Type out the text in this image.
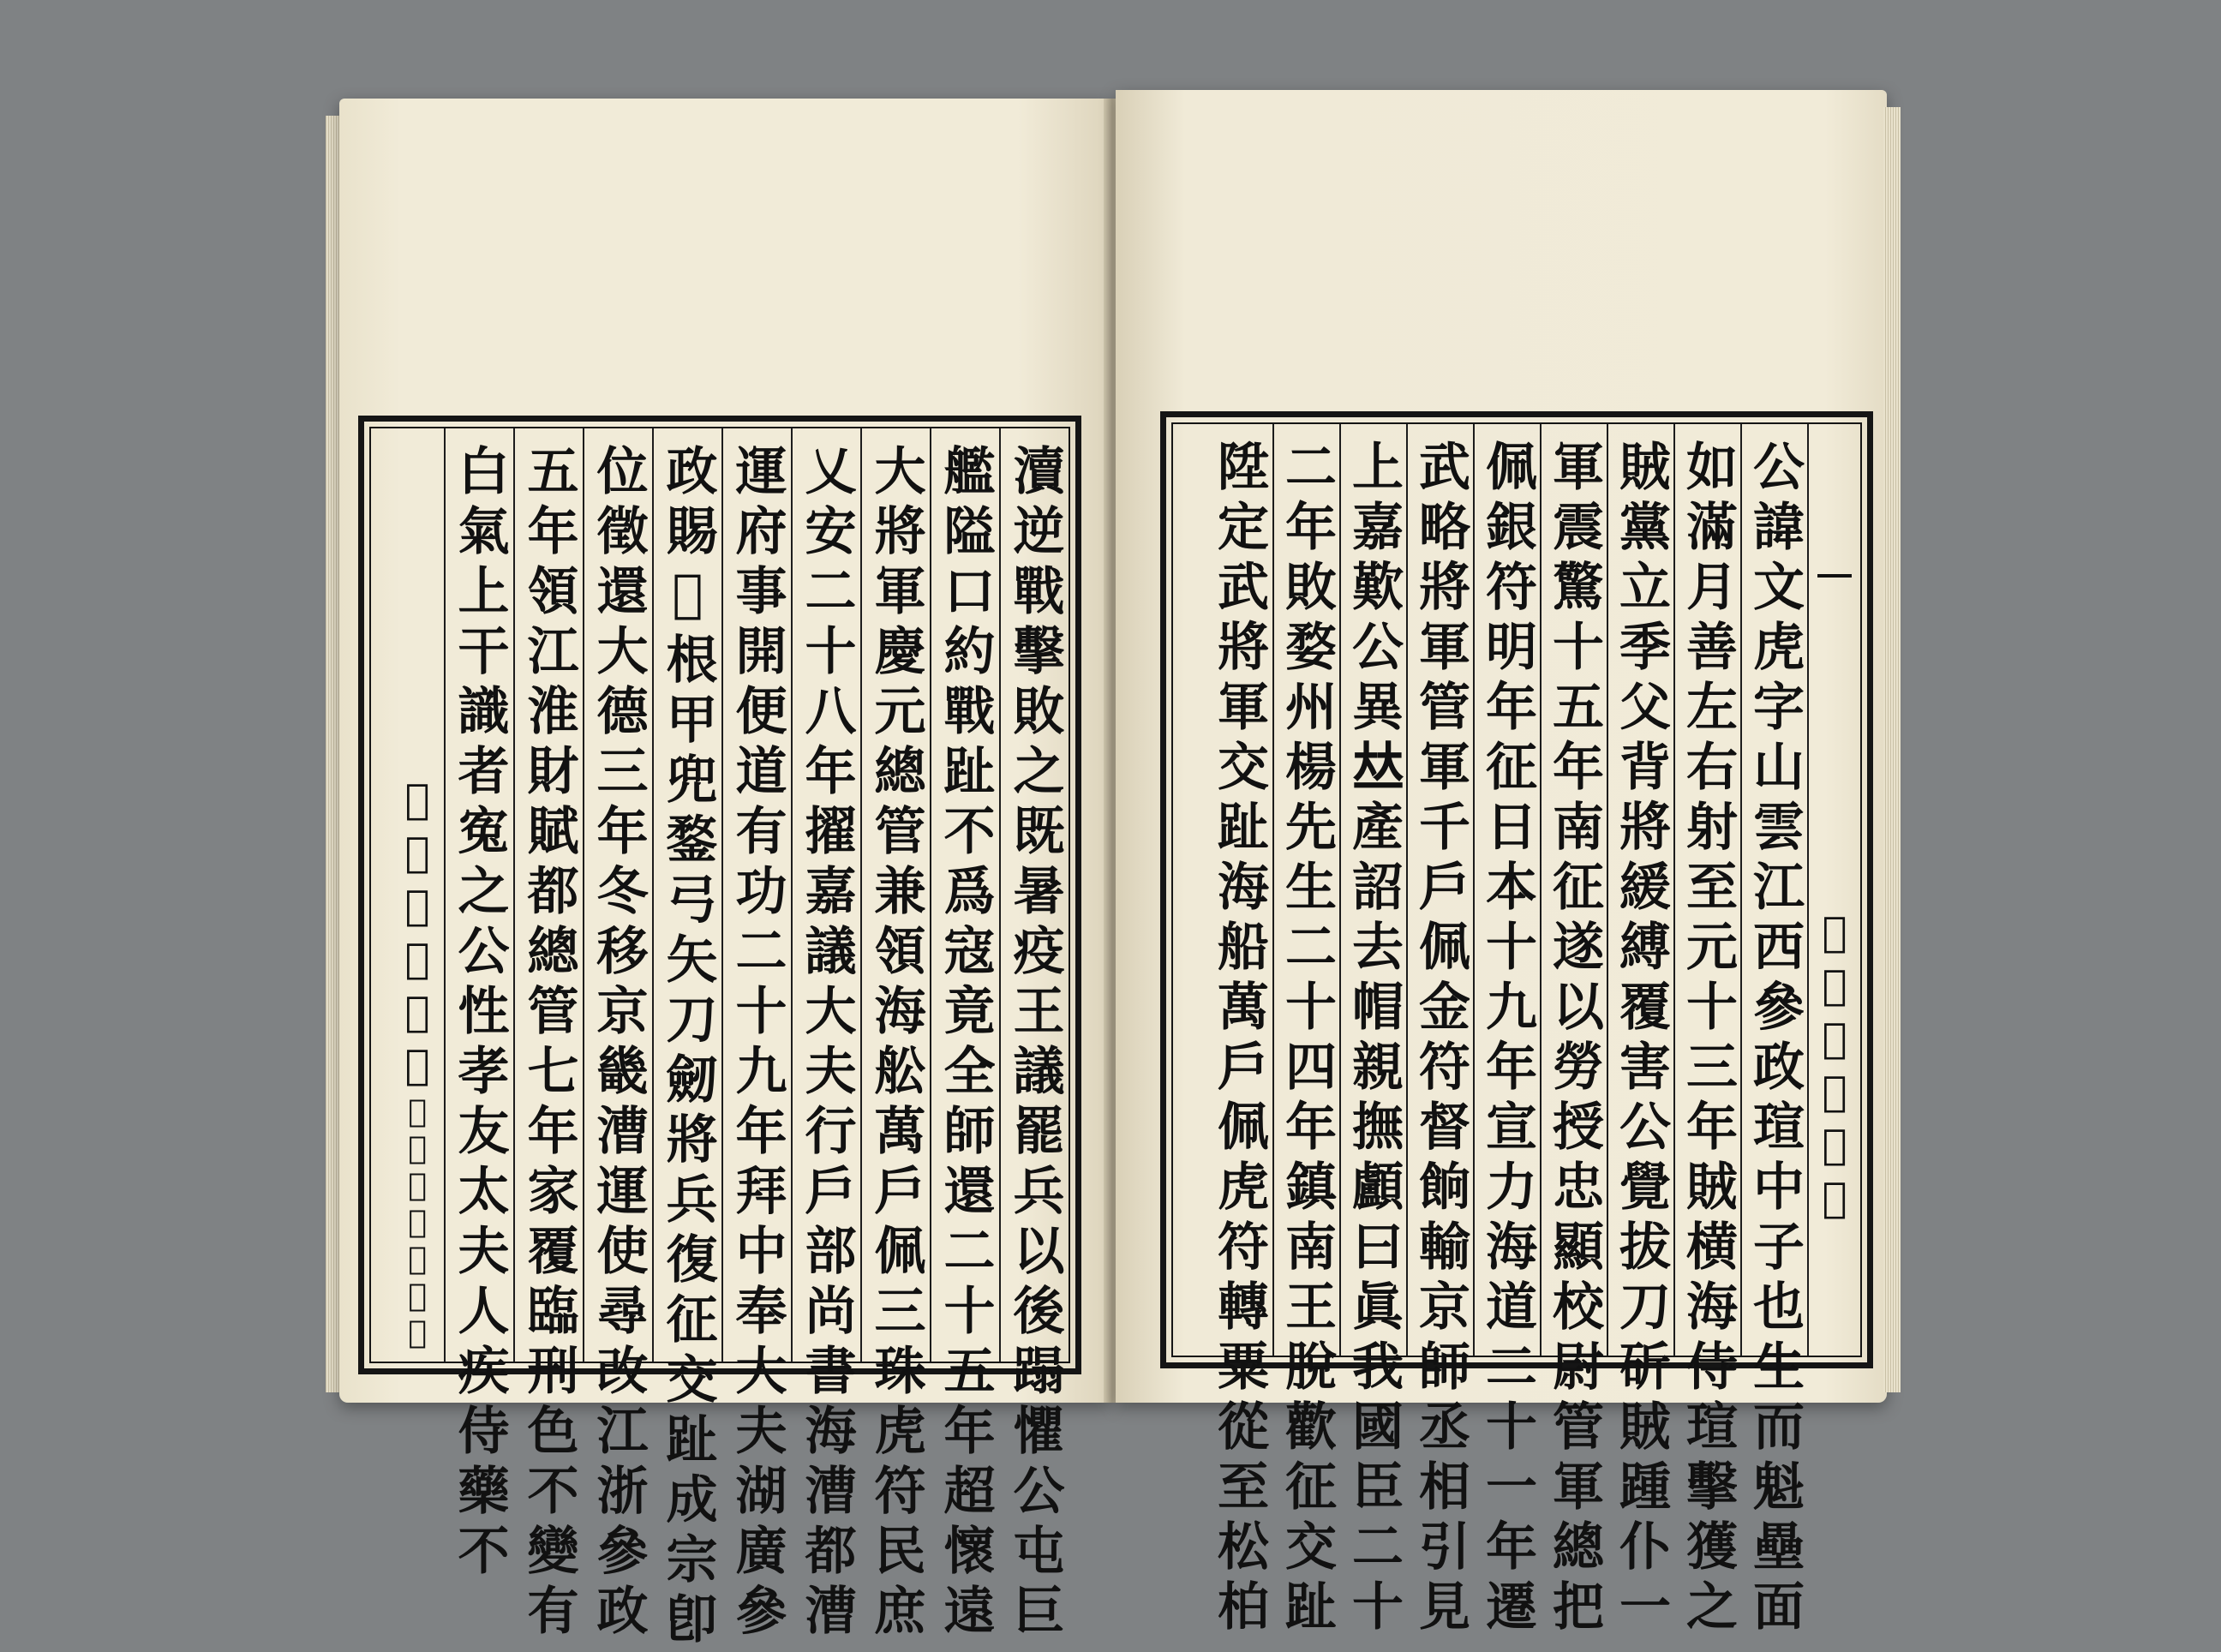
瀆逆戰擊敗之既暑疫王議罷兵以後蹋懼公屯巨
艦隘口約戰趾不爲寇竟全師還二十五年超懷遠
大將軍慶元總管兼領海舩萬戶佩三珠虎符民庶
乂安二十八年擢嘉議大夫行戶部尚書海漕都漕
運府事開便道有功二十九年拜中奉大夫湖廣參
政賜𢇄根甲兜鍪弓矢刀劒將兵復征交趾成宗卽
位徵還大德三年冬移京畿漕運使尋改江浙參政
五年領江淮財賦都總管七年家覆臨刑色不變有
白氣上干識者寃之公性孝友太夫人疾侍藥不
𤇹溪集卷四下
𢇄知不足齋藏書	𤇹溪集卷四下
公諱文虎字山雲江西參政瑄中子也生而魁壘面
如滿月善左右射至元十三年賊横海侍瑄擊獲之
賊黨立季父背將緩縛覆害公覺拔刀斫賊踵仆一
軍震驚十五年南征遂以勞授忠顯校尉管軍總把
佩銀符明年征日本十九年宣力海道二十一年遷
武略將軍管軍千戶佩金符督餉輸京師丞相引見
上嘉歎公異𠀤產詔去帽親撫顱曰眞我國臣二十
二年敗婺州楊先生二十四年鎮南王脫歡征交趾
陞定武將軍交趾海船萬戶佩虎符轉粟從至松柏
